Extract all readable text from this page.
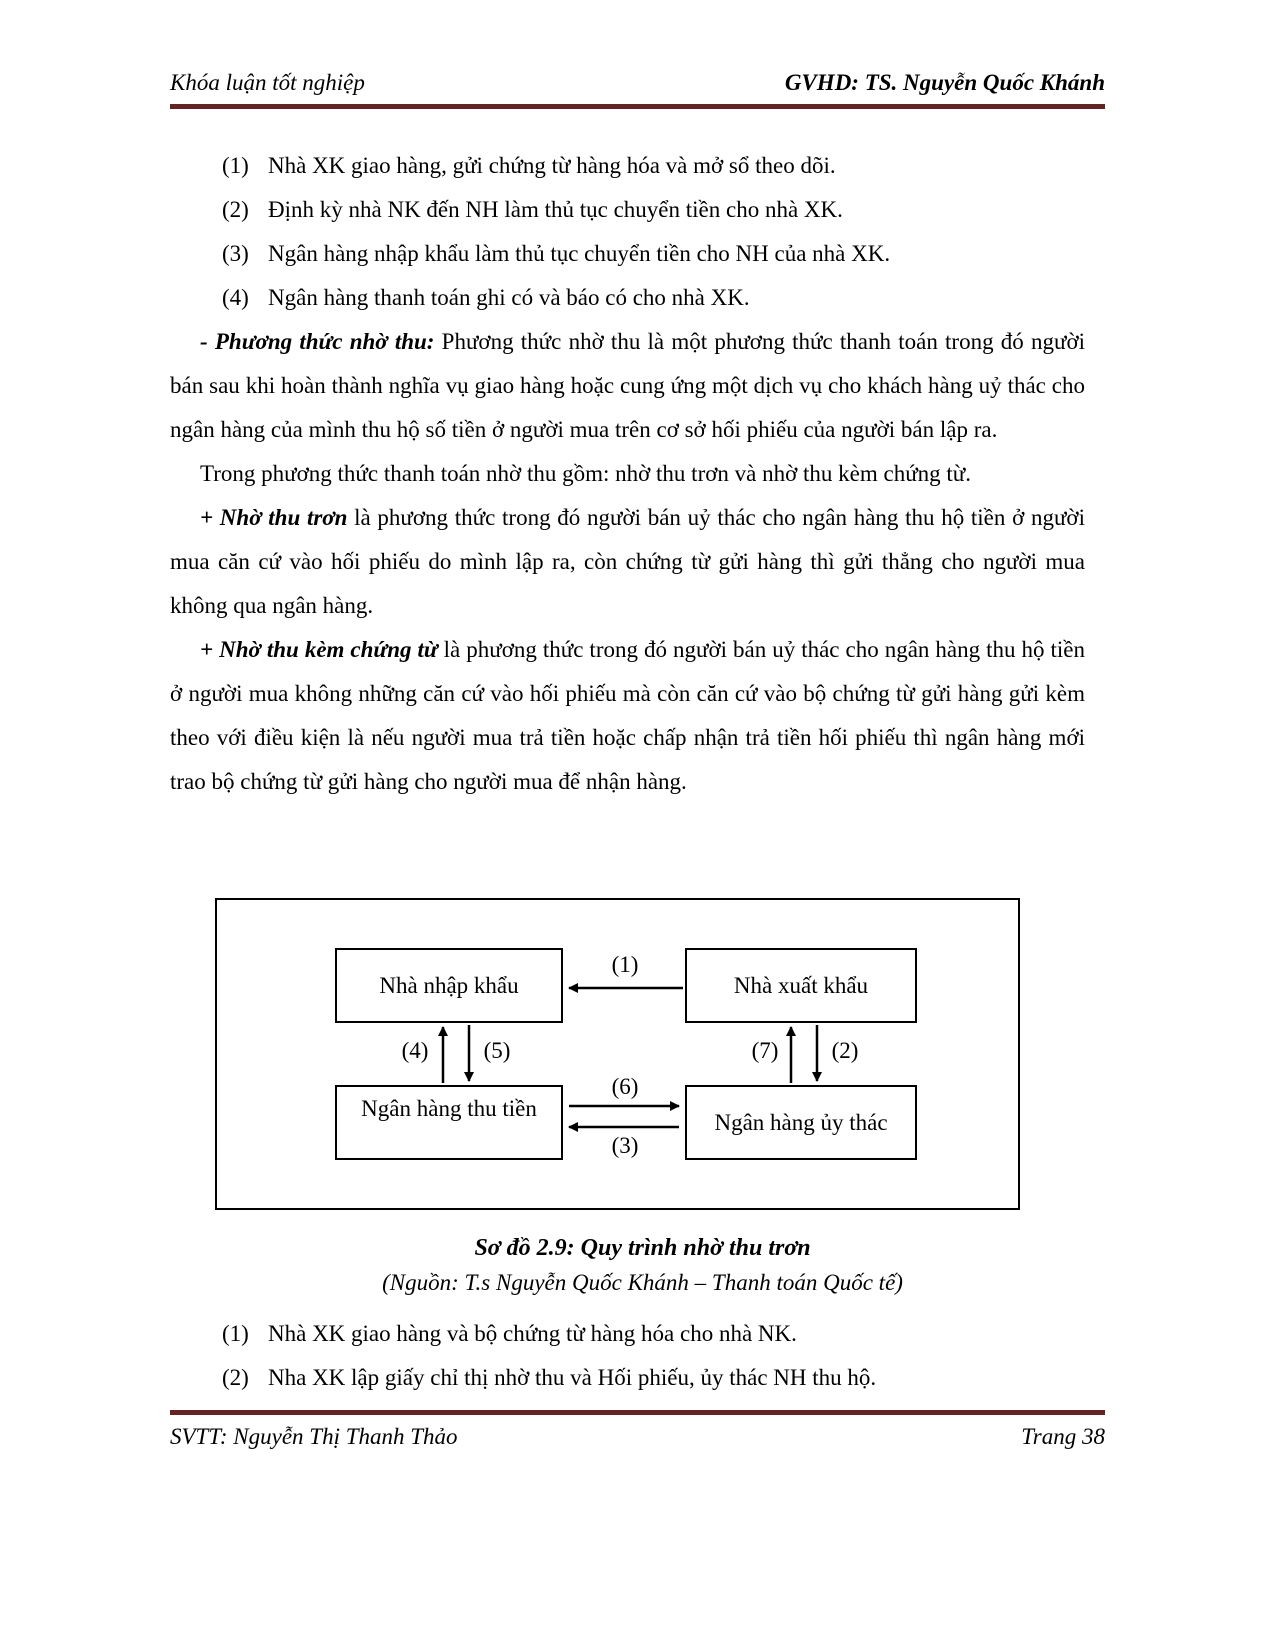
Khóa luận tốt nghiệp	GVHD: TS. Nguyễn Quốc Khánh
(1) Nhà XK giao hàng, gửi chứng từ hàng hóa và mở sổ theo dõi.
(2) Định kỳ nhà NK đến NH làm thủ tục chuyển tiền cho nhà XK.
(3) Ngân hàng nhập khẩu làm thủ tục chuyển tiền cho NH của nhà XK.
(4) Ngân hàng thanh toán ghi có và báo có cho nhà XK.

- Phương thức nhờ thu: Phương thức nhờ thu là một phương thức thanh toán trong đó người bán sau khi hoàn thành nghĩa vụ giao hàng hoặc cung ứng một dịch vụ cho khách hàng uỷ thác cho ngân hàng của mình thu hộ số tiền ở người mua trên cơ sở hối phiếu của người bán lập ra.

Trong phương thức thanh toán nhờ thu gồm: nhờ thu trơn và nhờ thu kèm chứng từ.

+ Nhờ thu trơn là phương thức trong đó người bán uỷ thác cho ngân hàng thu hộ tiền ở người mua căn cứ vào hối phiếu do mình lập ra, còn chứng từ gửi hàng thì gửi thẳng cho người mua không qua ngân hàng.

+ Nhờ thu kèm chứng từ là phương thức trong đó người bán uỷ thác cho ngân hàng thu hộ tiền ở người mua không những căn cứ vào hối phiếu mà còn căn cứ vào bộ chứng từ gửi hàng gửi kèm theo với điều kiện là nếu người mua trả tiền hoặc chấp nhận trả tiền hối phiếu thì ngân hàng mới trao bộ chứng từ gửi hàng cho người mua để nhận hàng.

Nhà nhập khẩu	Nhà xuất khẩu
Ngân hàng thu tiền
Ngân hàng ủy thác
(1)
(4)	(5)	(7)	(2)
(6)
(3)
Sơ đồ 2.9: Quy trình nhờ thu trơn
(Nguồn: T.s Nguyễn Quốc Khánh – Thanh toán Quốc tế)
(1) Nhà XK giao hàng và bộ chứng từ hàng hóa cho nhà NK.
(2) Nha XK lập giấy chỉ thị nhờ thu và Hối phiếu, ủy thác NH thu hộ.
SVTT: Nguyễn Thị Thanh Thảo	Trang 38
